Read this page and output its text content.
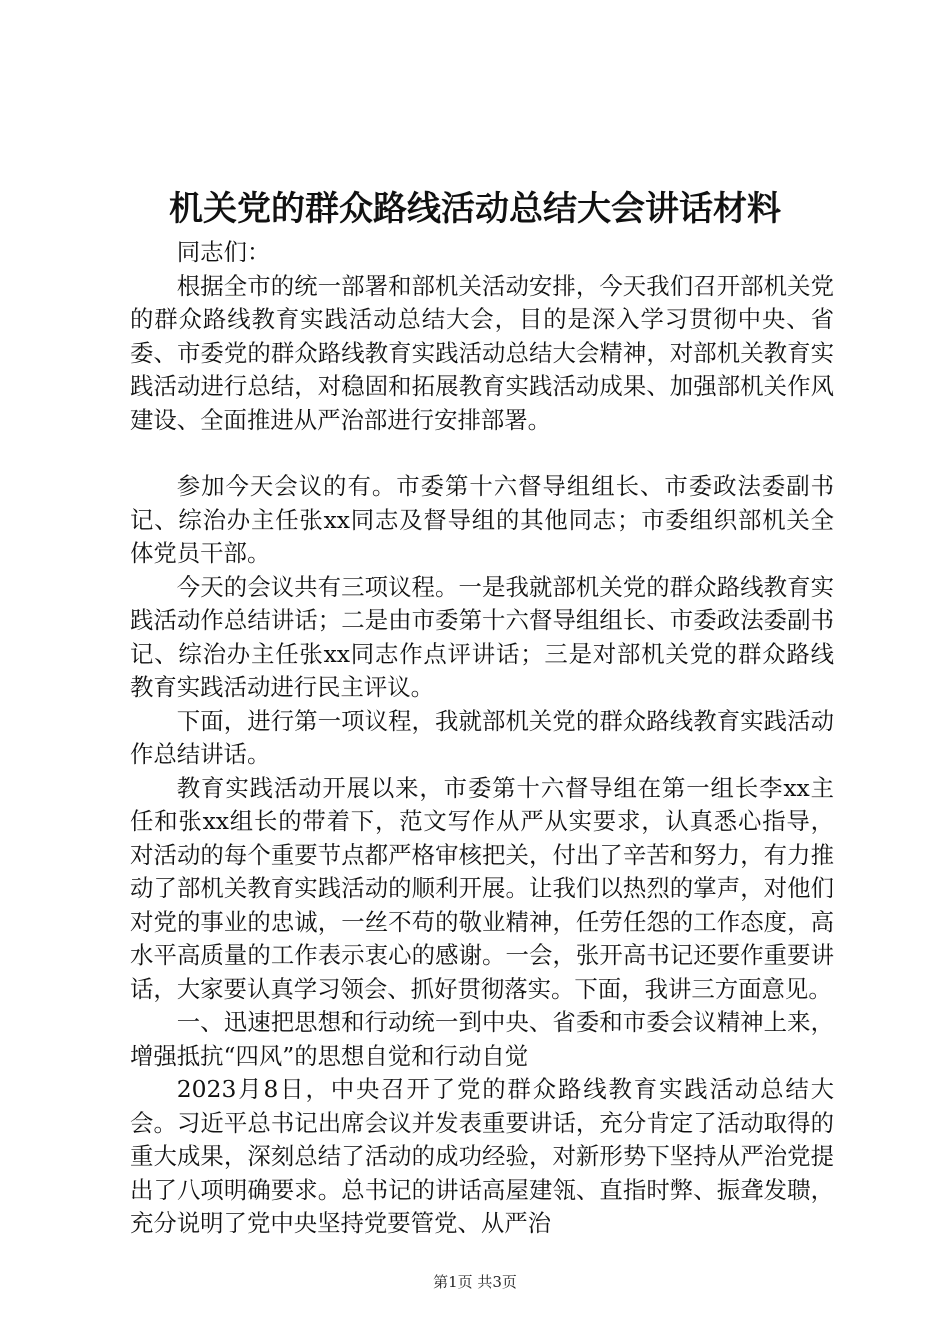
机关党的群众路线活动总结大会讲话材料

同志们：

根据全市的统一部署和部机关活动安排，今天我们召开部机关党的群众路线教育实践活动总结大会，目的是深入学习贯彻中央、省委、市委党的群众路线教育实践活动总结大会精神，对部机关教育实践活动进行总结，对稳固和拓展教育实践活动成果、加强部机关作风建设、全面推进从严治部进行安排部署。

参加今天会议的有。市委第十六督导组组长、市委政法委副书记、综治办主任张xx同志及督导组的其他同志；市委组织部机关全体党员干部。

今天的会议共有三项议程。一是我就部机关党的群众路线教育实践活动作总结讲话；二是由市委第十六督导组组长、市委政法委副书记、综治办主任张xx同志作点评讲话；三是对部机关党的群众路线教育实践活动进行民主评议。

下面，进行第一项议程，我就部机关党的群众路线教育实践活动作总结讲话。

教育实践活动开展以来，市委第十六督导组在第一组长李xx主任和张xx组长的带着下，范文写作从严从实要求，认真悉心指导，对活动的每个重要节点都严格审核把关，付出了辛苦和努力，有力推动了部机关教育实践活动的顺利开展。让我们以热烈的掌声，对他们对党的事业的忠诚，一丝不苟的敬业精神，任劳任怨的工作态度，高水平高质量的工作表示衷心的感谢。一会，张开高书记还要作重要讲话，大家要认真学习领会、抓好贯彻落实。下面，我讲三方面意见。

一、迅速把思想和行动统一到中央、省委和市委会议精神上来，增强抵抗“四风”的思想自觉和行动自觉

2023月8日，中央召开了党的群众路线教育实践活动总结大会。习近平总书记出席会议并发表重要讲话，充分肯定了活动取得的重大成果，深刻总结了活动的成功经验，对新形势下坚持从严治党提出了八项明确要求。总书记的讲话高屋建瓴、直指时弊、振聋发聩，充分说明了党中央坚持党要管党、从严治

第1页 共3页
